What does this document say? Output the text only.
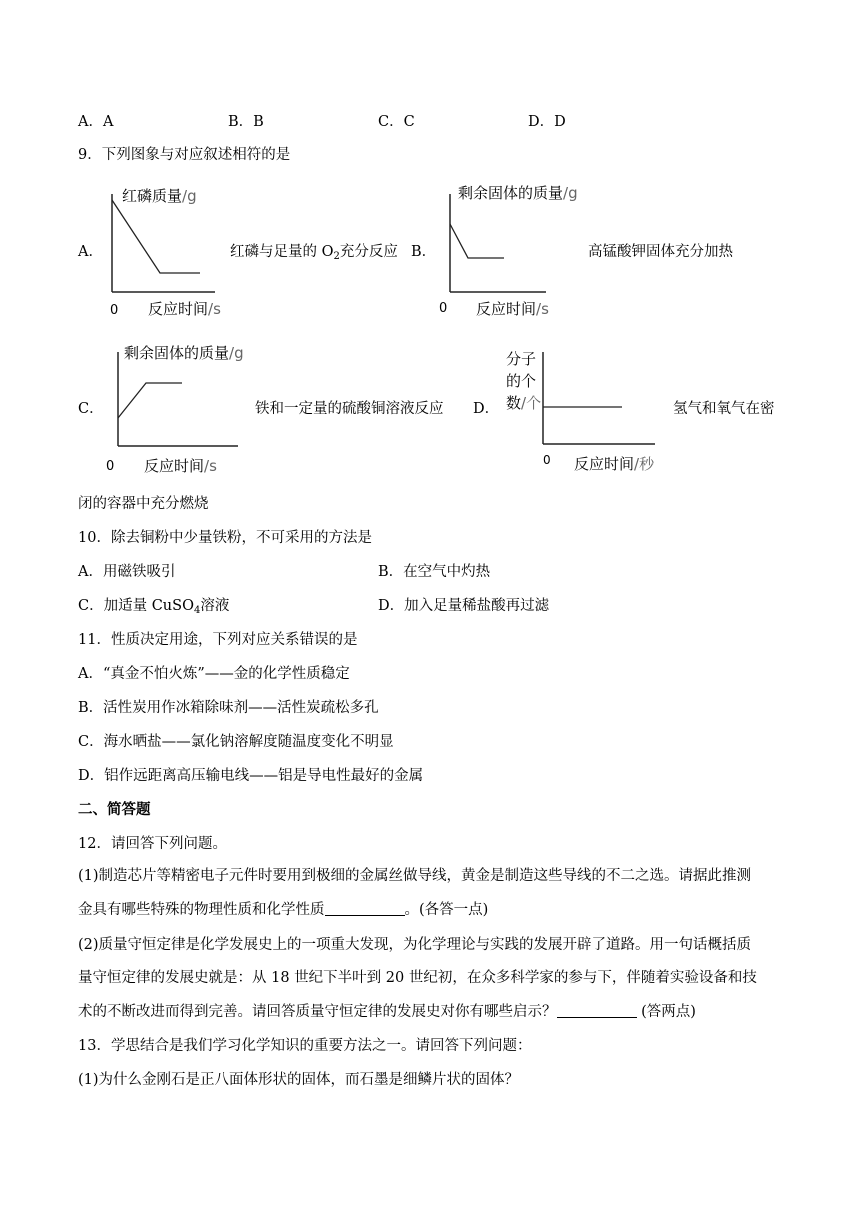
A．A	B．B	C．C	D．D
9．下列图象与对应叙述相符的是
A．
红磷质量/g
0 反应时间/s
红磷与足量的 $O_2$充分反应 B．
剩余固体的质量/g
0 反应时间/s
高锰酸钾固体充分加热
C．
剩余固体的质量/g
0 反应时间/s
铁和一定量的硫酸铜溶液反应 D．
分子
的个
数/个
0 反应时间/秒
氢气和氧气在密
闭的容器中充分燃烧
10．除去铜粉中少量铁粉，不可采用的方法是
A．用磁铁吸引	B．在空气中灼热
C．加适量 CuSO$_4$溶液	D．加入足量稀盐酸再过滤
11．性质决定用途，下列对应关系错误的是
A．“真金不怕火炼”——金的化学性质稳定
B．活性炭用作冰箱除味剂——活性炭疏松多孔
C．海水晒盐——氯化钠溶解度随温度变化不明显
D．铝作远距离高压输电线——铝是导电性最好的金属
二、简答题
12．请回答下列问题。
(1)制造芯片等精密电子元件时要用到极细的金属丝做导线，黄金是制造这些导线的不二之选。请据此推测
金具有哪些特殊的物理性质和化学性质	。(各答一点)
(2)质量守恒定律是化学发展史上的一项重大发现，为化学理论与实践的发展开辟了道路。用一句话概括质
量守恒定律的发展史就是：从 18 世纪下半叶到 20 世纪初，在众多科学家的参与下，伴随着实验设备和技
术的不断改进而得到完善。请回答质量守恒定律的发展史对你有哪些启示？	(答两点)
13．学思结合是我们学习化学知识的重要方法之一。请回答下列问题：
(1)为什么金刚石是正八面体形状的固体，而石墨是细鳞片状的固体？
